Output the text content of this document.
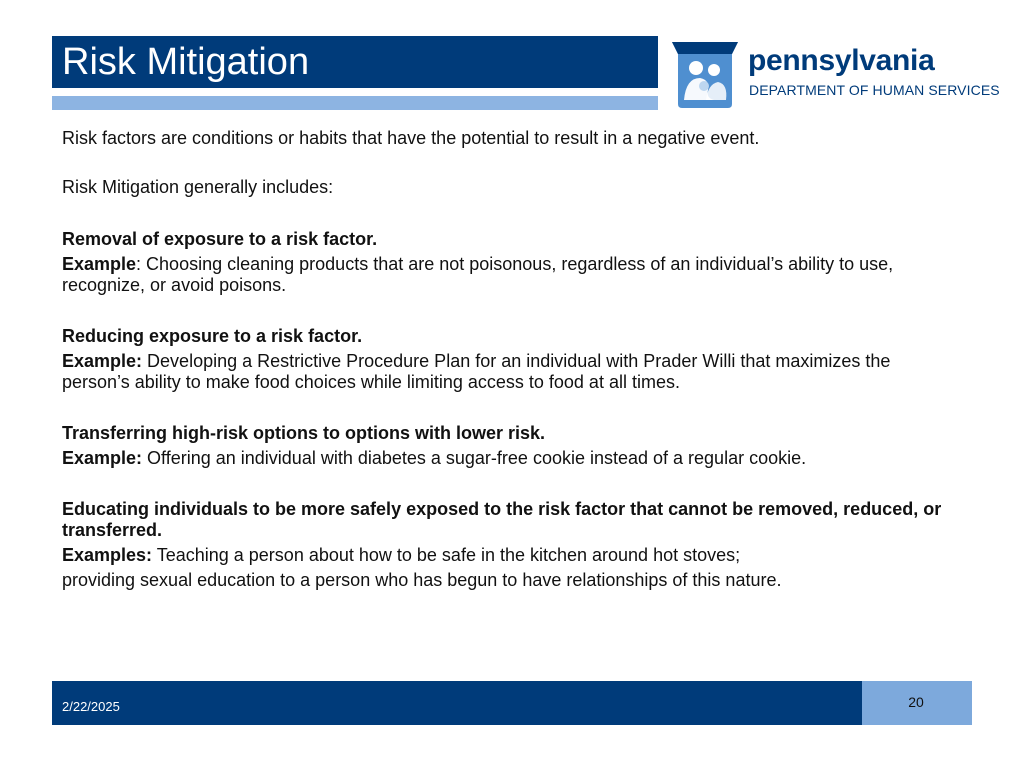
Risk Mitigation	pennsylvania
DEPARTMENT OF HUMAN SERVICES

Risk factors are conditions or habits that have the potential to result in a negative event.

Risk Mitigation generally includes:

Removal of exposure to a risk factor.

Example: Choosing cleaning products that are not poisonous, regardless of an individual’s ability to use, recognize, or avoid poisons.

Reducing exposure to a risk factor.

Example: Developing a Restrictive Procedure Plan for an individual with Prader Willi that maximizes the person’s ability to make food choices while limiting access to food at all times.

Transferring high-risk options to options with lower risk.

Example: Offering an individual with diabetes a sugar-free cookie instead of a regular cookie.

Educating individuals to be more safely exposed to the risk factor that cannot be removed, reduced, or transferred.

Examples: Teaching a person about how to be safe in the kitchen around hot stoves;

providing sexual education to a person who has begun to have relationships of this nature.

2/22/2025	20
